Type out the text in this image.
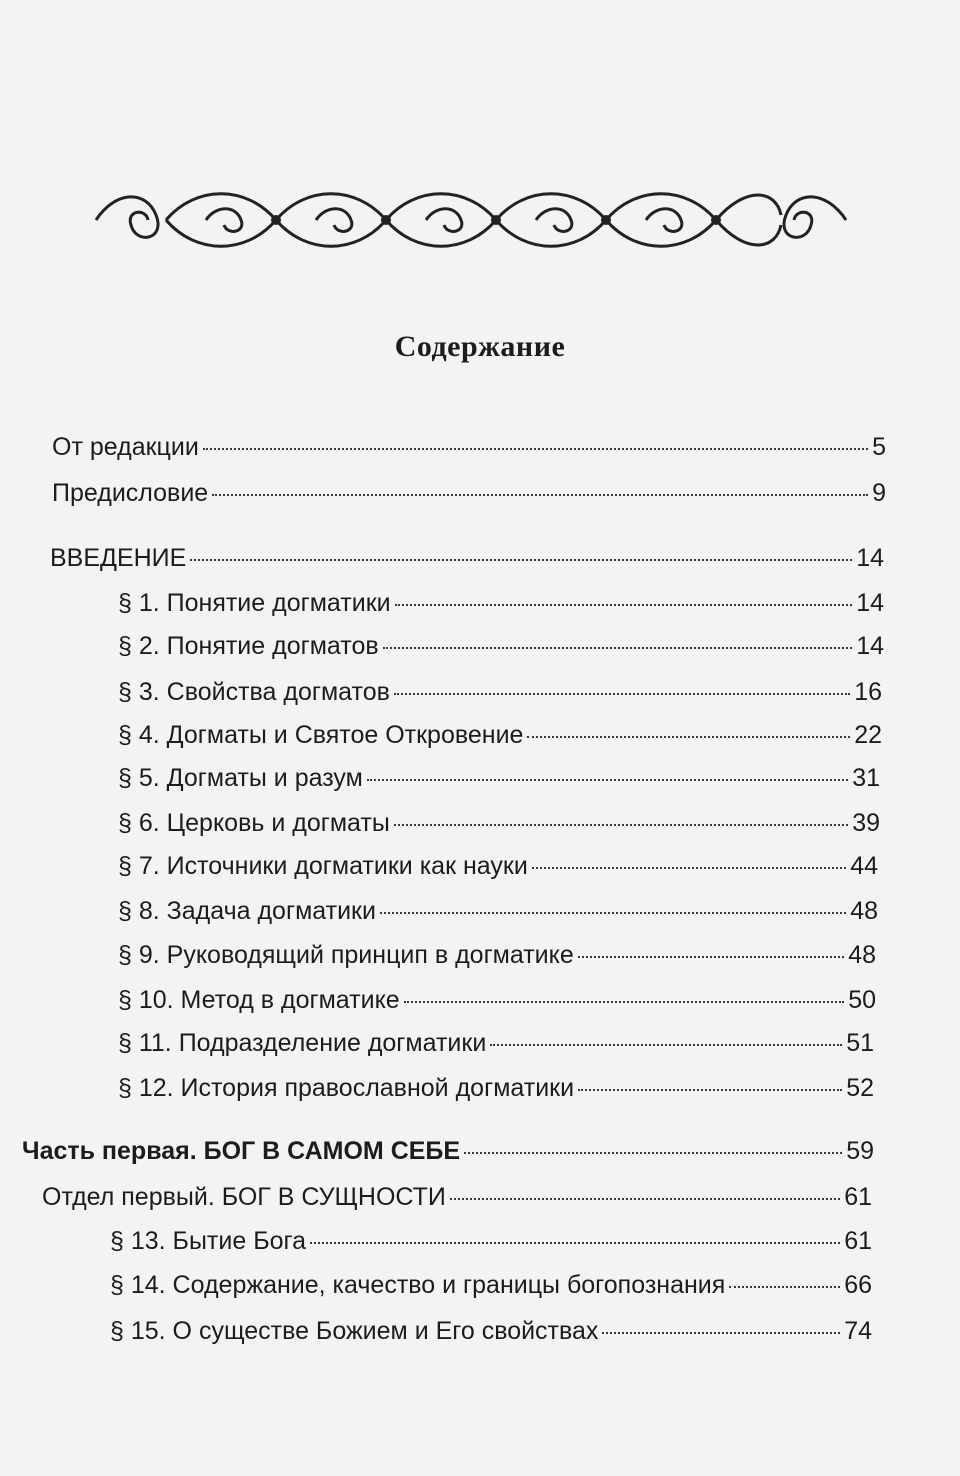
Содержание
От редакции	5
Предисловие	9
ВВЕДЕНИЕ	14
§ 1. Понятие догматики	14
§ 2. Понятие догматов	14
§ 3. Свойства догматов	16
§ 4. Догматы и Святое Откровение	22
§ 5. Догматы и разум	31
§ 6. Церковь и догматы	39
§ 7. Источники догматики как науки	44
§ 8. Задача догматики	48
§ 9. Руководящий принцип в догматике	48
§ 10. Метод в догматике	50
§ 11. Подразделение догматики	51
§ 12. История православной догматики	52
Часть первая. БОГ В САМОМ СЕБЕ	59
Отдел первый. БОГ В СУЩНОСТИ	61
§ 13. Бытие Бога	61
§ 14. Содержание, качество и границы богопознания	66
§ 15. О существе Божием и Его свойствах	74
